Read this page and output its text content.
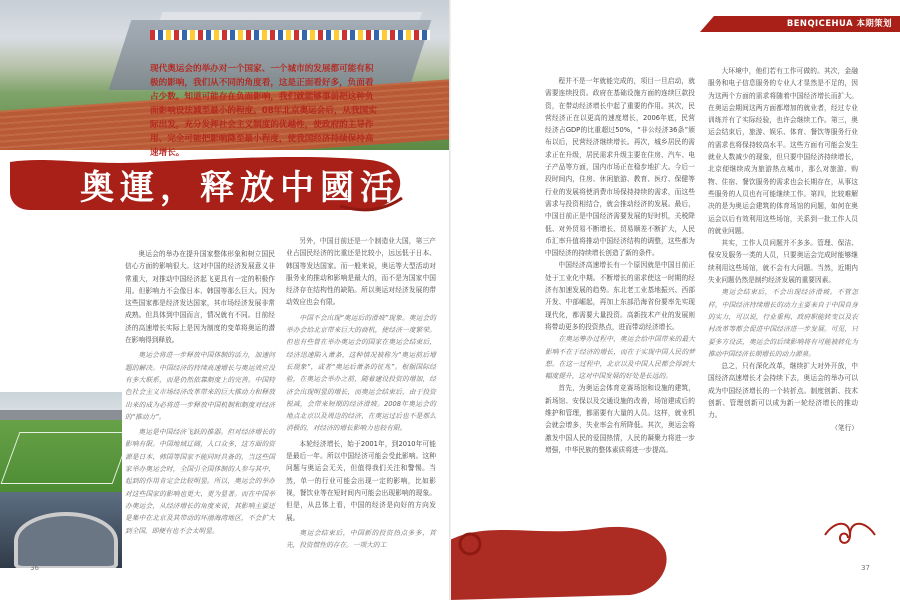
现代奥运会的举办对一个国家、一个城市的发展都可能有积极的影响，我们从不同的角度看，这是正面看好多，负面看占少数。知道可能存在负面影响，我们就能够事前把这种负面影响设法减至最小的程度。08年北京奥运会后，从我国实际出发，充分发挥社会主义制度的优越性，使政府的主导作用、完全可能把影响降至最小程度，使我国经济持续保持高速增长。
奥運，释放中國活力

奥运会的举办在提升国家整体形象和树立国民信心方面的影响很大。这对中国的经济发展意义非常重大，对推动中国经济起飞更具有一定的积极作用。但影响力不会像日本、韩国等那么巨大。因为这些国家都是经济发达国家，其市场经济发展非常成熟。但具体到中国而言，情况就有不同。目前经济的高速增长实际上是因为制度的变革将奥运的潜在影响得到释放。

奥运会将进一步释放中国体制的活力，加速问题的解决。中国经济的持续高速增长与奥运效应没有多大联系，而是仍然依靠制度上的完善。中国特色社会主义市场经济改革带来的巨大推动力和释放出来的成为必将进一步释放中国机制和制度对经济的“推动力”。

奥运是中国经济飞跃的推器。但对经济增长的影响有限。中国地域辽阔，人口众多，这方面的资源是日本、韩国等国家不能同时具备的，当这些国家举办奥运会时，全国引全国体制的人参与其中，起到的作用肯定会比较明显。所以，奥运会的举办对这些国家的影响也更大、更为显著。而在中国举办奥运会，从经济增长的角度来说，其影响主要还是集中在北京及其带动的环渤海湾地区，不会扩大到全国，即便有也不会太明显。

另外，中国目前还是一个制造业大国，第三产业占国民经济的比重还是比较小，远远低于日本、韩国等发达国家。而一般来说，奥运等大型活动对服务业的推动和影响是最大的，而不是为国家中国经济存在结构性的缺陷。所以奥运对经济发展的带动效应也会有限。

中国不会出现“奥运后的滑坡”现象。奥运会的举办会给北京带来巨大的商机，使经济一度繁荣。但也有些曾在举办奥运会的国家在奥运会结束后，经济迅速陷入萧条，这种情况被称为“奥运前后增长现象”，或者“奥运后萧条的征兆”。根据国际经验，在奥运会举办之前，随着建设投资的增加，经济会出现明显的增长，而奥运会结束后，由于投资锐减，会带来短期的经济滑坡。2008年奥运会的地点北京以及周边的经济，在奥运过后也不是那么消极的，对经济的增长影响力也较有限。

本轮经济增长，始于2001年，到2010年可能是最后一年。所以中国经济可能会受此影响。这种问题与奥运会无关，但值得我们关注和警惕。当然，单一的行业可能会出现一定的影响，比如影视，餐饮业等在短时间内可能会出现影响的现象。但是，从总体上看，中国的经济是向好的方向发展。

奥运会结束后，中国新的投资热点多多，首先，投资惯性的存在。一项大的工

36
BENQICEHUA 本期策划

程并不是一年就能完成的，项目一旦启动，就需要连续投资。政府在基础设施方面的连续巨款投资，在带动经济增长中起了重要的作用。其次，民营经济正在以更高的速度增长，2006年底，民营经济占GDP的比重超过50%，“非公经济36条”颁布以后，民营经济继续增长。再次，城乡居民的需求正在升级，居民需求升级主要在住房、汽车、电子产品等方面，国内市场正在稳步地扩大。今后一段时间内，住房、休闲旅游、教育、医疗、保健等行业的发展将使消费市场保持持续的需求，而这些需求与投资相结合，就会推动经济的发展。最后，中国目前正是中国经济需要发展的好时机，关税降低、对外贸易不断增长、贸易顺差不断扩大，人民币汇率升值将推动中国经济结构的调整，这些都为中国经济的持续增长创造了新的条件。

中国经济高速增长有一个原因就是中国目前正处于工业化中期。不断增长的需求使这一时期的经济有加速发展的趋势。东北老工业基地振兴、西部开发、中部崛起，再加上东部沿海省份要率先实现现代化，都需要大量投资。高新技术产业的发展则将带动更多的投资热点，进而带动经济增长。

在奥运筹办过程中，奥运会给中国带来的最大影响不在于经济的增长，而在于实现中国人民的梦想。在这一过程中，北京以及中国人民都会得到大幅度提升，这对中国发展的好处是长远的。

首先，为奥运会体育竞赛场馆和设施的建筑，新场馆、安保以及交通设施的改善，场馆建成后的维护和管理，都需要有大量的人员。这样，就业机会就会增多，失业率会有所降低。其次，奥运会将激发中国人民的爱国热情，人民的凝聚力将进一步增强，中华民族的整体素质将进一步提高。

大环境中，他们若有工作可做的。其次，金融服务和电子信息服务的专业人才显然是不足的，因为这两个方面的需求将随着中国经济增长而扩大。在奥运会期间这两方面都增加的就业者，经过专业训练并有了实际经验，也许会继续工作。第三，奥运会结束后，旅游、娱乐、体育、餐饮等服务行业的需求也将保持较高水平。这些方面有可能会发生就业人数减少的现象，但只要中国经济持续增长，北京便继续成为旅游热点城市，那么对旅游、购物、住宿、餐饮服务的需求也会长期存在，从事这些服务的人员也有可能继续工作。第四，比较难解决的是为奥运会建筑的体育场馆的问题，如何在奥运会以后有效利用这些场馆，关系到一批工作人员的就业问题。

其实，工作人员问题并不多多。管理、保洁、保安及服务一类的人员，只要奥运会完成时能够继续利用这些场馆，就不会有大问题。当然，近期内失业问题仍然是制约经济发展的重要因素。

奥运会结束后，不会出现经济滑坡。不管怎样，中国经济持续增长的动力主要来自于中国自身的实力，可以说，行业重构、政府职能转变以及农村改革等都会促进中国经济进一步发展。可见，只要多方设法，奥运会的后续影响将有可能被转化为推动中国经济长期增长的动力源泉。

总之，只有深化改革，继续扩大对外开放，中国经济高速增长才会持续下去，奥运会的举办可以成为中国经济增长的一个转折点。制度创新、技术创新、管理创新可以成为新一轮经济增长的推动力。

（笔行）

37
